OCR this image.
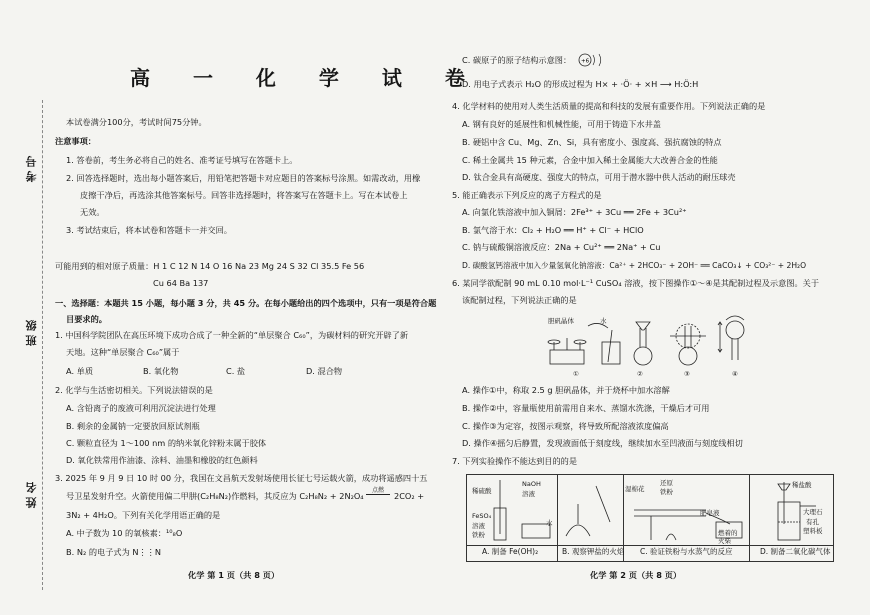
考号
班级
姓名
高 一 化 学 试 卷
本试卷满分100分，考试时间75分钟。
注意事项：
1. 答卷前，考生务必将自己的姓名、准考证号填写在答题卡上。
2. 回答选择题时，选出每小题答案后，用铅笔把答题卡对应题目的答案标号涂黑。如需改动，用橡
皮擦干净后，再选涂其他答案标号。回答非选择题时，将答案写在答题卡上。写在本试卷上
无效。
3. 考试结束后，将本试卷和答题卡一并交回。
可能用到的相对原子质量：H 1 C 12 N 14 O 16 Na 23 Mg 24 S 32 Cl 35.5 Fe 56
Cu 64 Ba 137
一、选择题：本题共 15 小题，每小题 3 分，共 45 分。在每小题给出的四个选项中，只有一项是符合题
目要求的。
1. 中国科学院团队在高压环境下成功合成了一种全新的“单层聚合 C₆₀”，为碳材料的研究开辟了新
天地。这种“单层聚合 C₆₀”属于
A. 单质	B. 氧化物	C. 盐	D. 混合物
2. 化学与生活密切相关。下列说法错误的是
A. 含铅离子的废液可利用沉淀法进行处理
B. 剩余的金属钠一定要放回原试剂瓶
C. 颗粒直径为 1～100 nm 的纳米氧化锌粉末属于胶体
D. 氧化铁常用作油漆、涂料、油墨和橡胶的红色颜料
3. 2025 年 9 月 9 日 10 时 00 分，我国在文昌航天发射场使用长征七号运载火箭，成功将遥感四十五
号卫星发射升空。火箭使用偏二甲肼(C₂H₈N₂)作燃料，其反应为 C₂H₈N₂ + 2N₂O₄
点燃
2CO₂ +
3N₂ + 4H₂O。下列有关化学用语正确的是
A. 中子数为 10 的氧核素：¹⁰₈O
B. N₂ 的电子式为 N⋮⋮N
化学 第 1 页（共 8 页）
C. 碳原子的原子结构示意图： +6
D. 用电子式表示 H₂O 的形成过程为 H× + ·Ö· + ×H ⟶ H:Ö:H
4. 化学材料的使用对人类生活质量的提高和科技的发展有重要作用。下列说法正确的是
A. 钢有良好的延展性和机械性能，可用于铸造下水井盖
B. 硬铝中含 Cu、Mg、Zn、Si，具有密度小、强度高、强抗腐蚀的特点
C. 稀土金属共 15 种元素，合金中加入稀土金属能大大改善合金的性能
D. 钛合金具有高硬度、强度大的特点，可用于潜水器中供人活动的耐压球壳
5. 能正确表示下列反应的离子方程式的是
A. 向氯化铁溶液中加入铜屑：2Fe³⁺ + 3Cu ══ 2Fe + 3Cu²⁺
B. 氯气溶于水：Cl₂ + H₂O ══ H⁺ + Cl⁻ + HClO
C. 钠与硫酸铜溶液反应：2Na + Cu²⁺ ══ 2Na⁺ + Cu
D. 碳酸氢钙溶液中加入少量氢氧化钠溶液：Ca²⁺ + 2HCO₃⁻ + 2OH⁻ ══ CaCO₃↓ + CO₃²⁻ + 2H₂O
6. 某同学欲配制 90 mL 0.10 mol·L⁻¹ CuSO₄ 溶液，按下图操作①～④是其配制过程及示意图。关于
该配制过程，下列说法正确的是
胆矾晶体	水
①	②	③	④
A. 操作①中，称取 2.5 g 胆矾晶体，并于烧杯中加水溶解
B. 操作②中，容量瓶使用前需用自来水、蒸馏水洗涤，干燥后才可用
C. 操作③为定容，按图示观察，将导致所配溶液浓度偏高
D. 操作④摇匀后静置，发现液面低于刻度线，继续加水至凹液面与刻度线相切
7. 下列实验操作不能达到目的的是
稀硫酸
NaOH
溶液
FeSO₄
溶液
铁粉
水
湿棉花
还原
铁粉
肥皂液
燃着的
火柴
稀盐酸
大理石
有孔
塑料板
A. 制备 Fe(OH)₂	B. 观察钾盐的火焰 C. 验证铁粉与水蒸气的反应	D. 制备二氧化碳气体
化学 第 2 页（共 8 页）
